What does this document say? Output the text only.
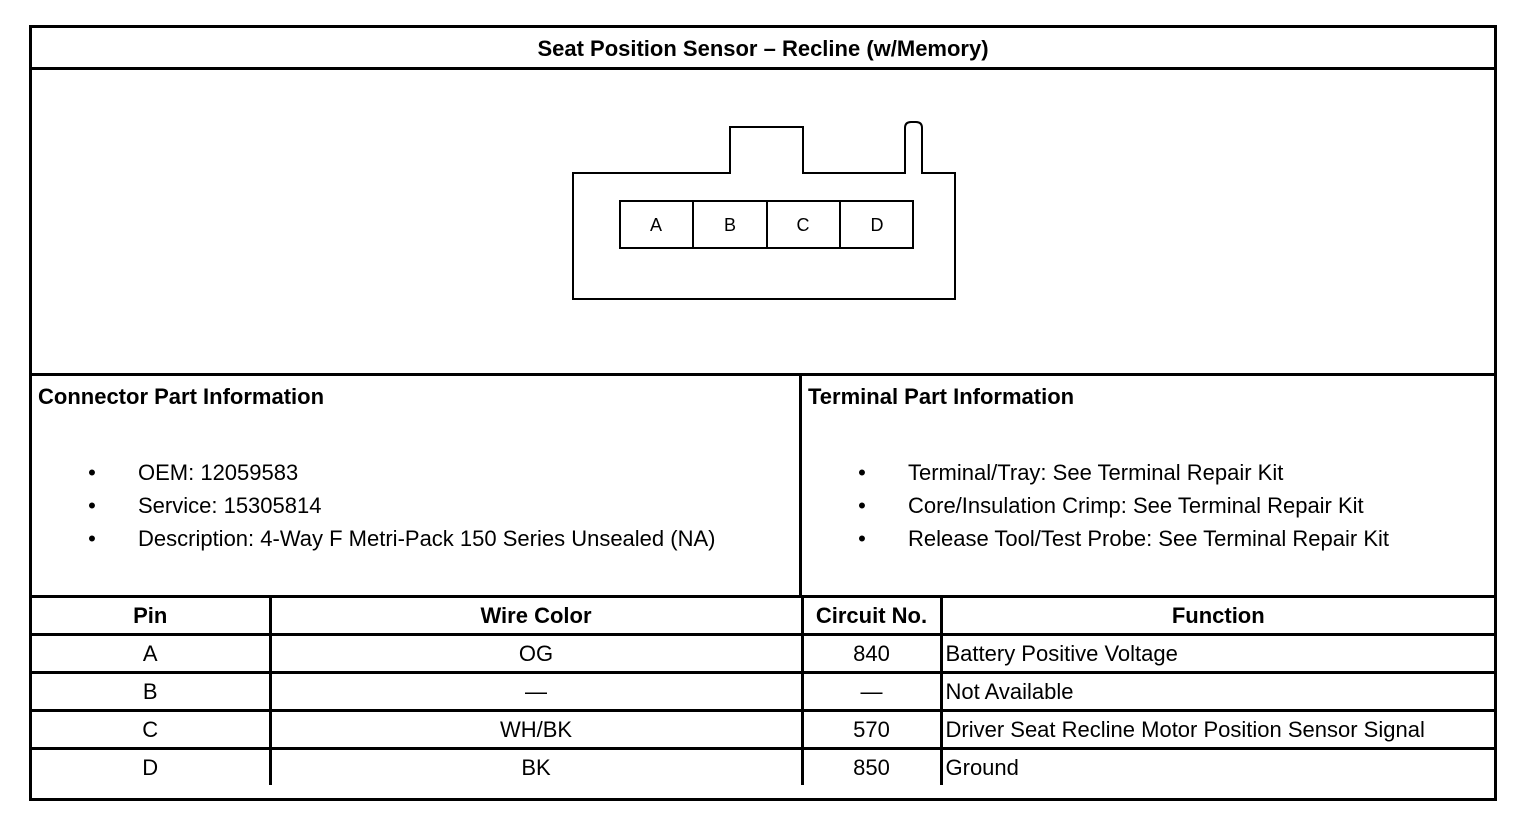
Seat Position Sensor – Recline (w/Memory)
A	B	C	D
Connector Part Information
• OEM: 12059583
• Service: 15305814
• Description: 4-Way F Metri-Pack 150 Series Unsealed (NA)
Terminal Part Information
• Terminal/Tray: See Terminal Repair Kit
• Core/Insulation Crimp: See Terminal Repair Kit
• Release Tool/Test Probe: See Terminal Repair Kit
Pin	Wire Color	Circuit No.	Function
A	OG	840	Battery Positive Voltage
B	—	—	Not Available
C	WH/BK	570	Driver Seat Recline Motor Position Sensor Signal
D	BK	850	Ground
